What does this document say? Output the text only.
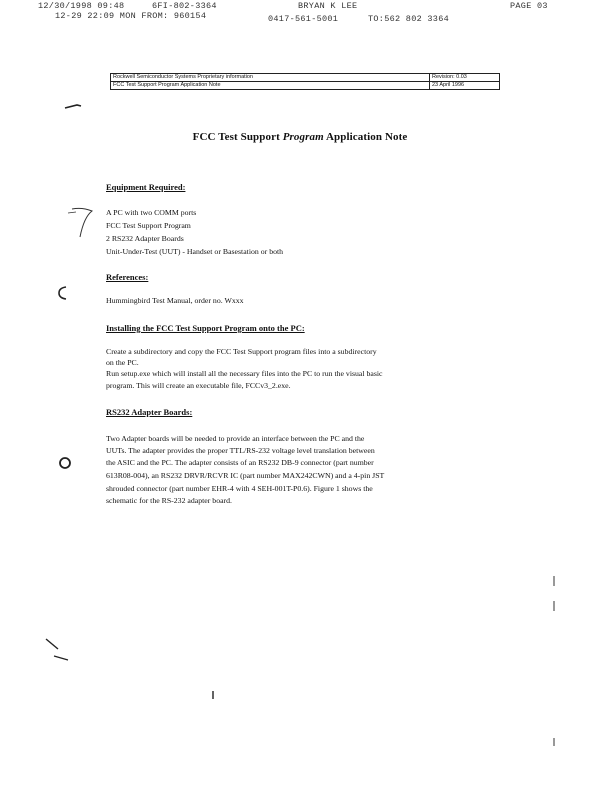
12/30/1998 09:48	6FI-802-3364	BRYAN K LEE	PAGE 03
12-29 22:09 MON FROM: 960154	0417-561-5001	TO:562 802 3364
Rockwell Semiconductor Systems Proprietary information	Revision: 0.03
FCC Test Support Program Application Note	23 April 1996
FCC Test Support Program Application Note
Equipment Required:
A PC with two COMM ports
FCC Test Support Program
2 RS232 Adapter Boards
Unit-Under-Test (UUT) - Handset or Basestation or both
References:
Hummingbird Test Manual, order no. Wxxx
Installing the FCC Test Support Program onto the PC:
Create a subdirectory and copy the FCC Test Support program files into a subdirectory
on the PC.
Run setup.exe which will install all the necessary files into the PC to run the visual basic
program. This will create an executable file, FCCv3_2.exe.
RS232 Adapter Boards:
Two Adapter boards will be needed to provide an interface between the PC and the
UUTs. The adapter provides the proper TTL/RS-232 voltage level translation between
the ASIC and the PC. The adapter consists of an RS232 DB-9 connector (part number
613R08-004), an RS232 DRVR/RCVR IC (part number MAX242CWN) and a 4-pin JST
shrouded connector (part number EHR-4 with 4 SEH-001T-P0.6). Figure 1 shows the
schematic for the RS-232 adapter board.
